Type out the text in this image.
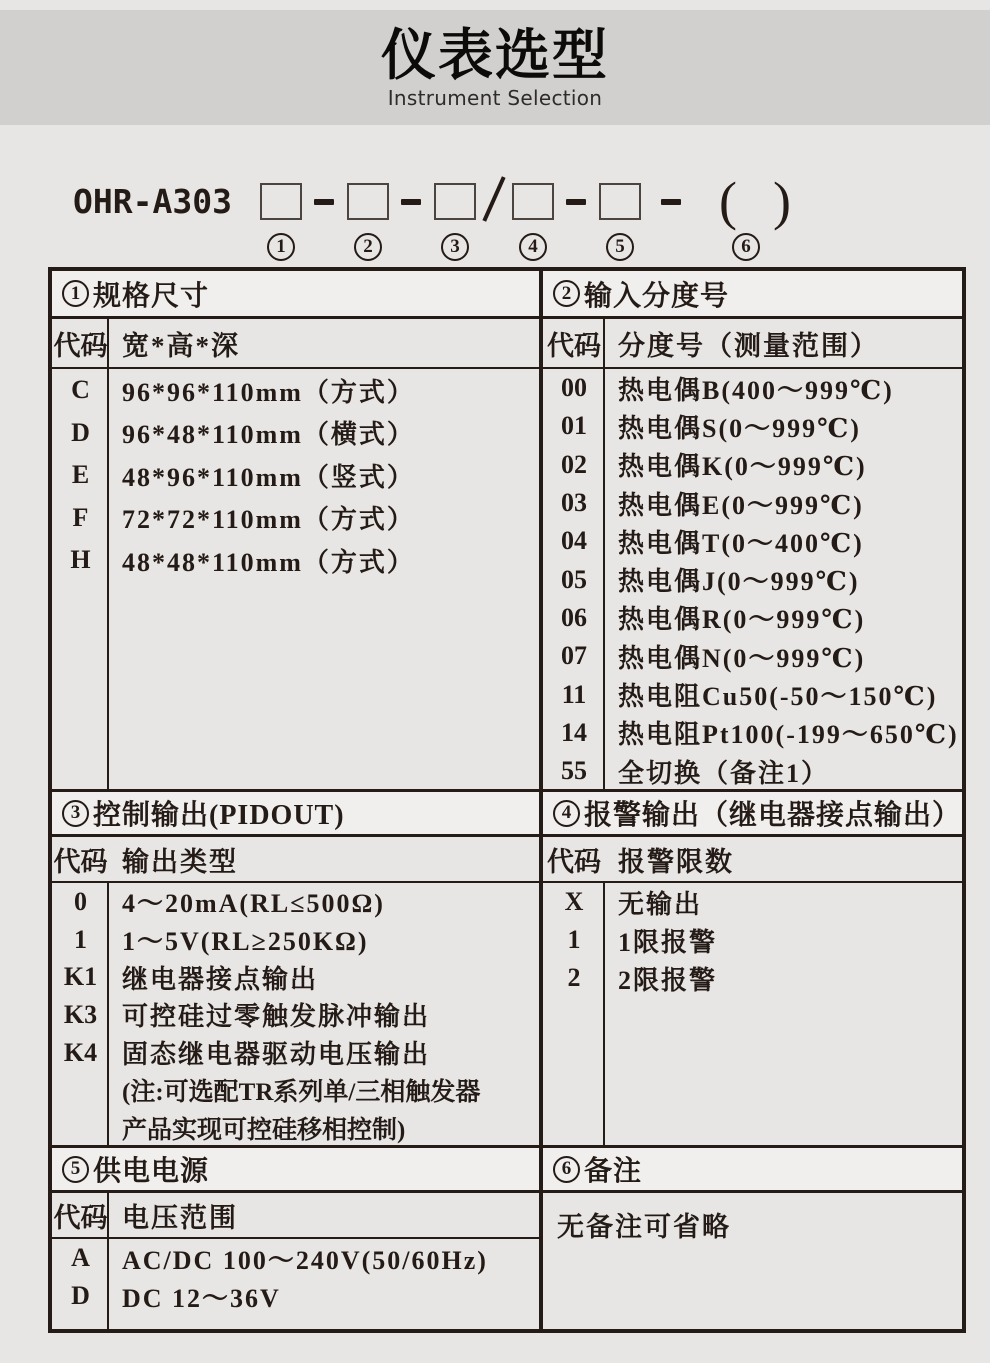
仪表选型
Instrument Selection
OHR-A303
1	2	3	4	5
( )
6
1 规格尺寸	2 输入分度号
代码 宽*高*深
C	96*96*110mm（方式）
D	96*48*110mm（横式）
E	48*96*110mm（竖式）
F	72*72*110mm（方式）
H	48*48*110mm（方式）
代码 分度号（测量范围）
00	热电偶B(400～999℃)
01	热电偶S(0～999℃)
02	热电偶K(0～999℃)
03	热电偶E(0～999℃)
04	热电偶T(0～400℃)
05	热电偶J(0～999℃)
06	热电偶R(0～999℃)
07	热电偶N(0～999℃)
11	热电阻Cu50(-50～150℃)
14	热电阻Pt100(-199～650℃)
55	全切换（备注1）
3 控制输出(PIDOUT)	4 报警输出（继电器接点输出）
代码 输出类型
0	4～20mA(RL≤500Ω)
1	1～5V(RL≥250KΩ)
K1 继电器接点输出
K3 可控硅过零触发脉冲输出
K4 固态继电器驱动电压输出
(注:可选配TR系列单/三相触发器
产品实现可控硅移相控制)
代码 报警限数
X	无输出
1	1限报警
2	2限报警
5 供电电源	6 备注
代码 电压范围
A	AC/DC 100～240V(50/60Hz)
D	DC 12～36V
无备注可省略
